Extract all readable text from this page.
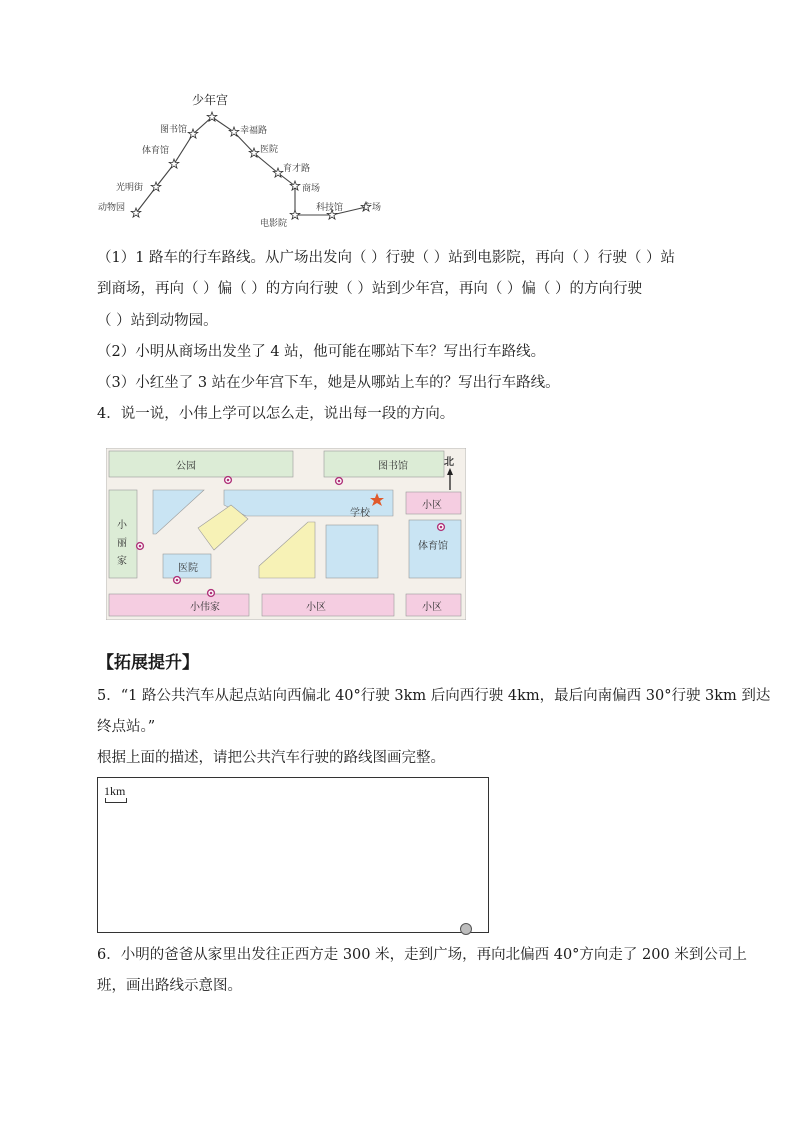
少年宫
图书馆
体育馆
光明街
动物园
幸福路
医院
育才路
商场
电影院
科技馆 广场
（1）1 路车的行车路线。从广场出发向（ ）行驶（ ）站到电影院，再向（ ）行驶（ ）站
到商场，再向（ ）偏（ ）的方向行驶（ ）站到少年宫，再向（ ）偏（ ）的方向行驶
（ ）站到动物园。
（2）小明从商场出发坐了 4 站，他可能在哪站下车？写出行车路线。
（3）小红坐了 3 站在少年宫下车，她是从哪站上车的？写出行车路线。
4．说一说，小伟上学可以怎么走，说出每一段的方向。
公园	图书馆	北
小区
学校
小
丽
家
体育馆
医院
小伟家	小区	小区
【拓展提升】
5．“1 路公共汽车从起点站向西偏北 40°行驶 3km 后向西行驶 4km，最后向南偏西 30°行驶 3km 到达
终点站。”
根据上面的描述，请把公共汽车行驶的路线图画完整。
1km
6．小明的爸爸从家里出发往正西方走 300 米，走到广场，再向北偏西 40°方向走了 200 米到公司上
班，画出路线示意图。
